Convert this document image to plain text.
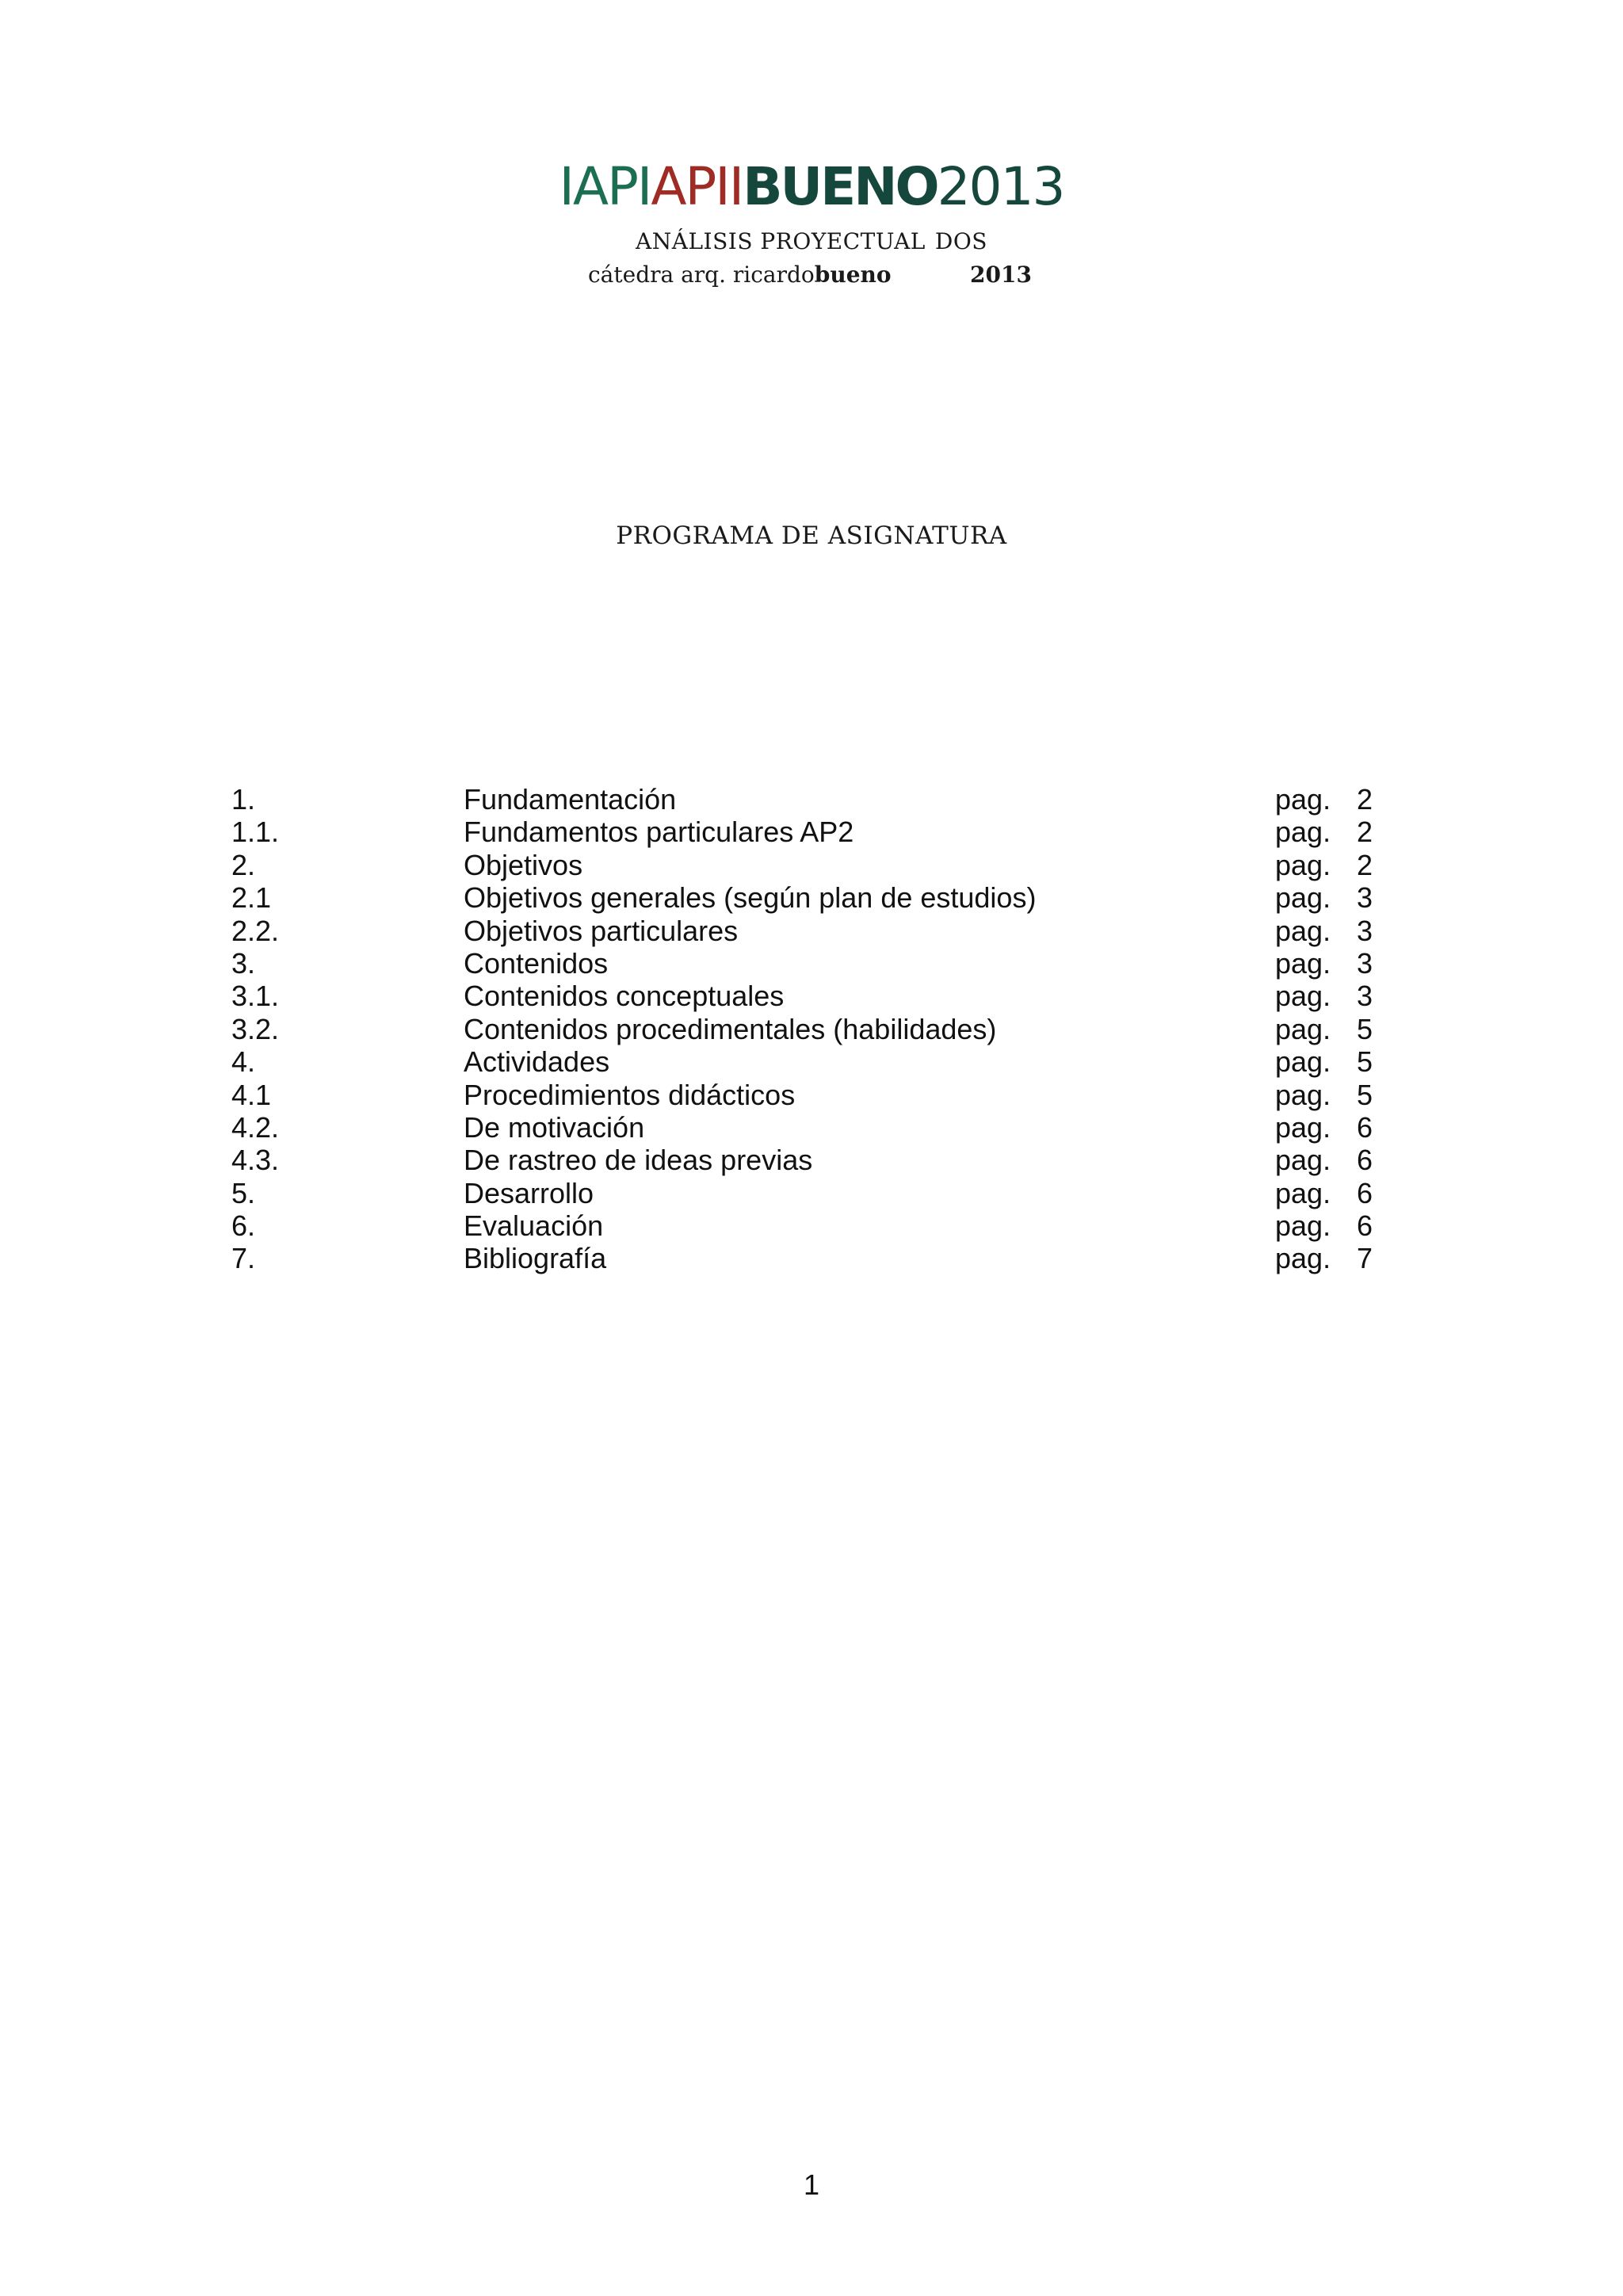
IAPIAPIIBUENO2013
ANÁLISIS PROYECTUAL DOS
cátedra arq. ricardobueno	2013
PROGRAMA DE ASIGNATURA
1.	Fundamentación	pag. 2
1.1.	Fundamentos particulares AP2	pag. 2
2.	Objetivos	pag. 2
2.1	Objetivos generales (según plan de estudios)	pag. 3
2.2.	Objetivos particulares	pag. 3
3.	Contenidos	pag. 3
3.1.	Contenidos conceptuales	pag. 3
3.2.	Contenidos procedimentales (habilidades)	pag. 5
4.	Actividades	pag. 5
4.1	Procedimientos didácticos	pag. 5
4.2.	De motivación	pag. 6
4.3.	De rastreo de ideas previas	pag. 6
5.	Desarrollo	pag. 6
6.	Evaluación	pag. 6
7.	Bibliografía	pag. 7
1
